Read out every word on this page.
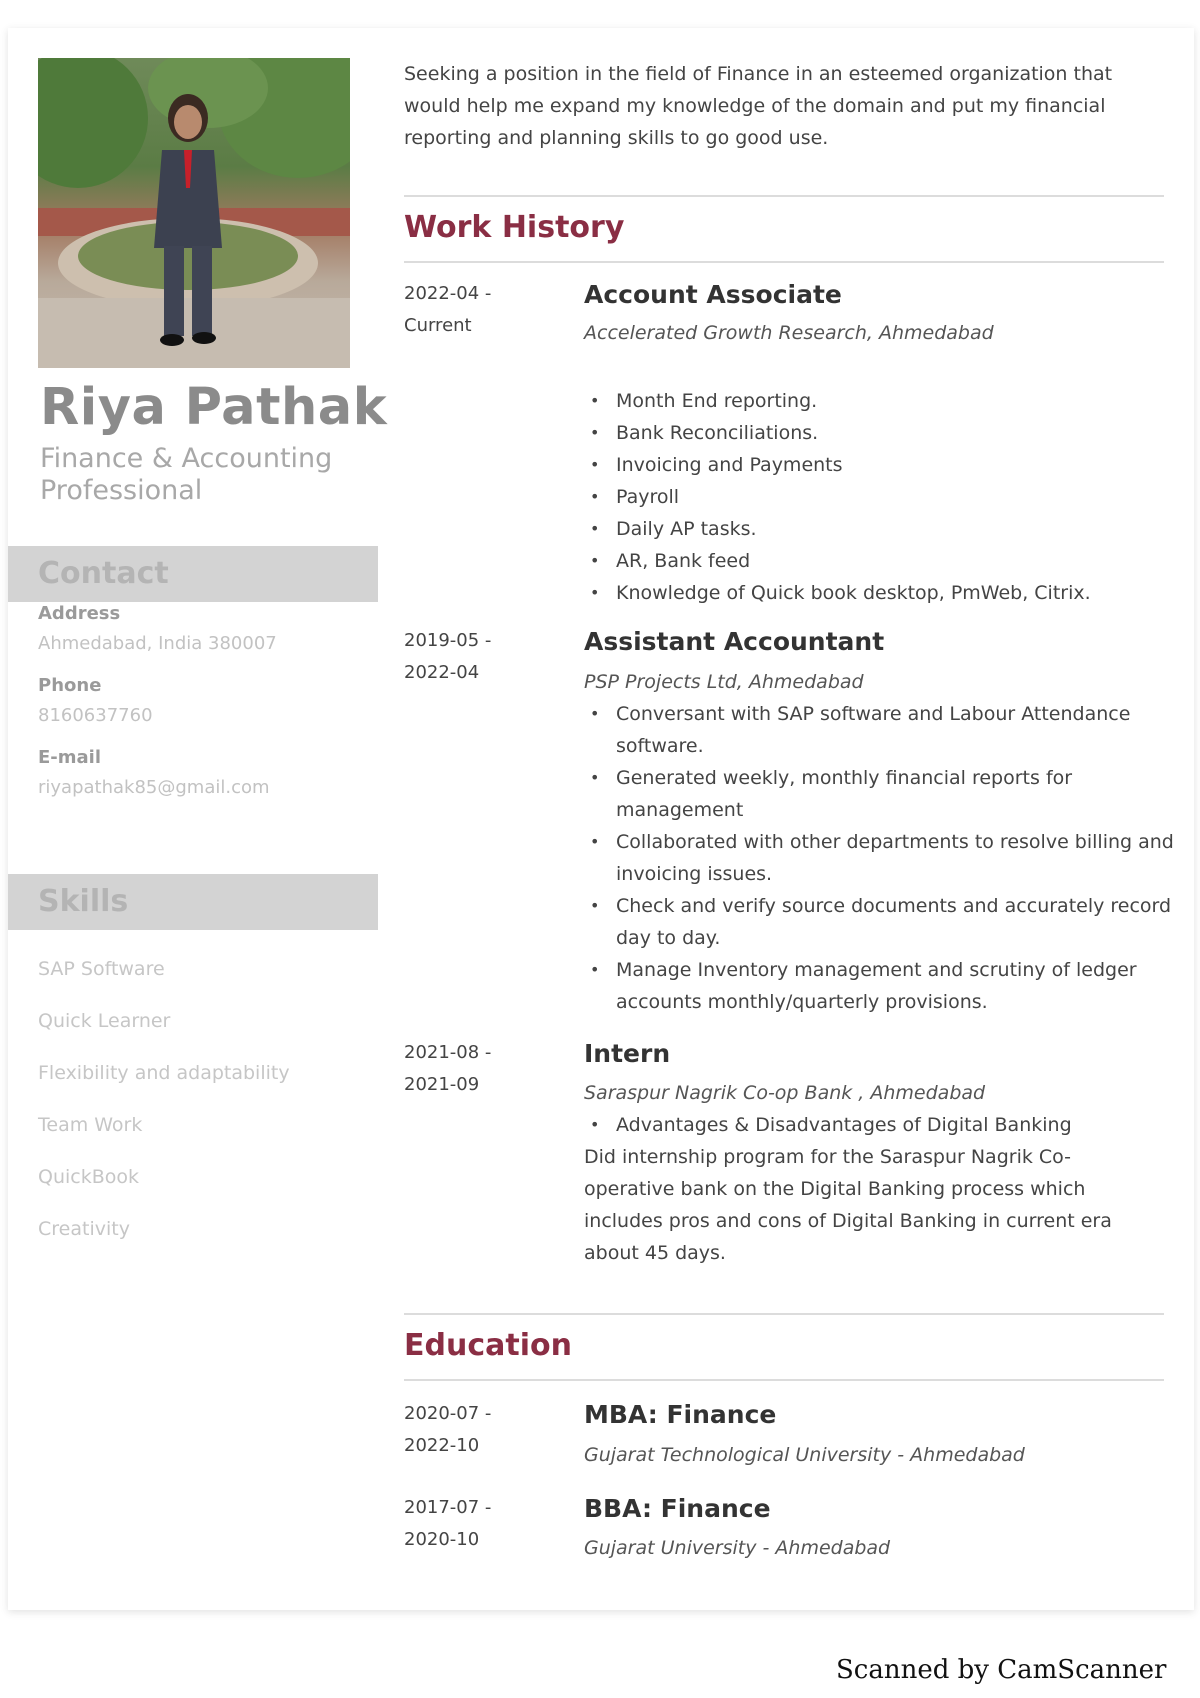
Riya Pathak
Finance & Accounting
Professional
Contact
Address
Ahmedabad, India 380007
Phone
8160637760
E-mail
riyapathak85@gmail.com
Skills
SAP Software
Quick Learner
Flexibility and adaptability
Team Work
QuickBook
Creativity
Seeking a position in the field of Finance in an esteemed organization that would help me expand my knowledge of the domain and put my financial reporting and planning skills to go good use.
Work History
2022-04 -
Current
Account Associate
Accelerated Growth Research, Ahmedabad
• Month End reporting.
• Bank Reconciliations.
• Invoicing and Payments
• Payroll
• Daily AP tasks.
• AR, Bank feed
• Knowledge of Quick book desktop, PmWeb, Citrix.
2019-05 -
2022-04
Assistant Accountant
PSP Projects Ltd, Ahmedabad
• Conversant with SAP software and Labour Attendance software.
• Generated weekly, monthly financial reports for management
• Collaborated with other departments to resolve billing and invoicing issues.
• Check and verify source documents and accurately record day to day.
• Manage Inventory management and scrutiny of ledger accounts monthly/quarterly provisions.
2021-08 -
2021-09
Intern
Saraspur Nagrik Co-op Bank , Ahmedabad
• Advantages & Disadvantages of Digital Banking
Did internship program for the Saraspur Nagrik Co-operative bank on the Digital Banking process which includes pros and cons of Digital Banking in current era about 45 days.
Education
2020-07 -
2022-10
MBA: Finance
Gujarat Technological University - Ahmedabad
2017-07 -
2020-10
BBA: Finance
Gujarat University - Ahmedabad
Scanned by CamScanner
